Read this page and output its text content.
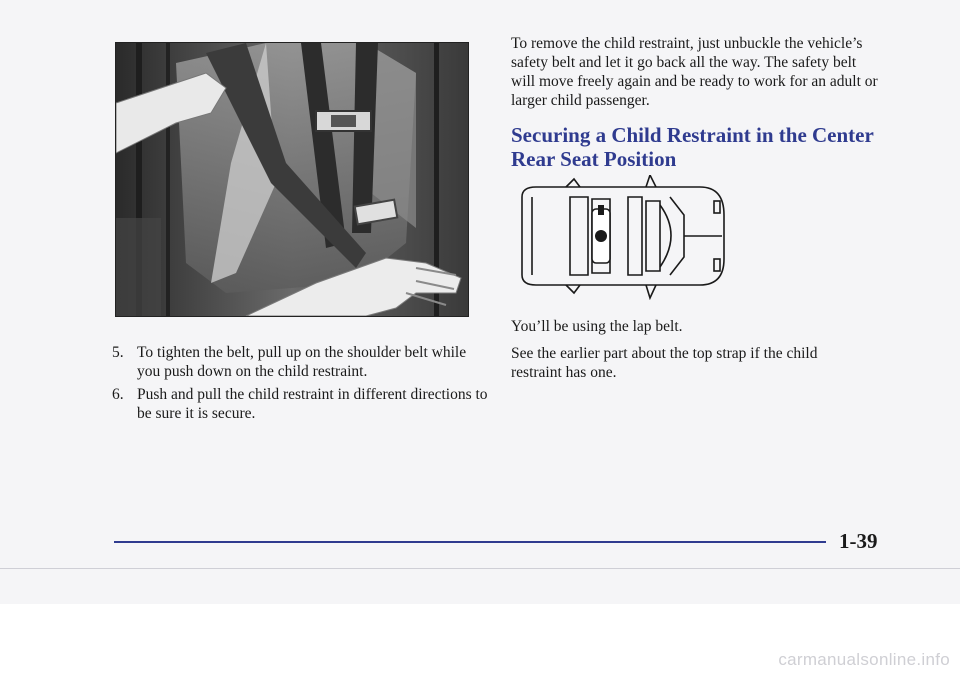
5. To tighten the belt, pull up on the shoulder belt while you push down on the child restraint.
6. Push and pull the child restraint in different directions to be sure it is secure.

To remove the child restraint, just unbuckle the vehicle’s safety belt and let it go back all the way. The safety belt will move freely again and be ready to work for an adult or larger child passenger.

Securing a Child Restraint in the Center Rear Seat Position

You’ll be using the lap belt.

See the earlier part about the top strap if the child restraint has one.

1-39
carmanualsonline.info
